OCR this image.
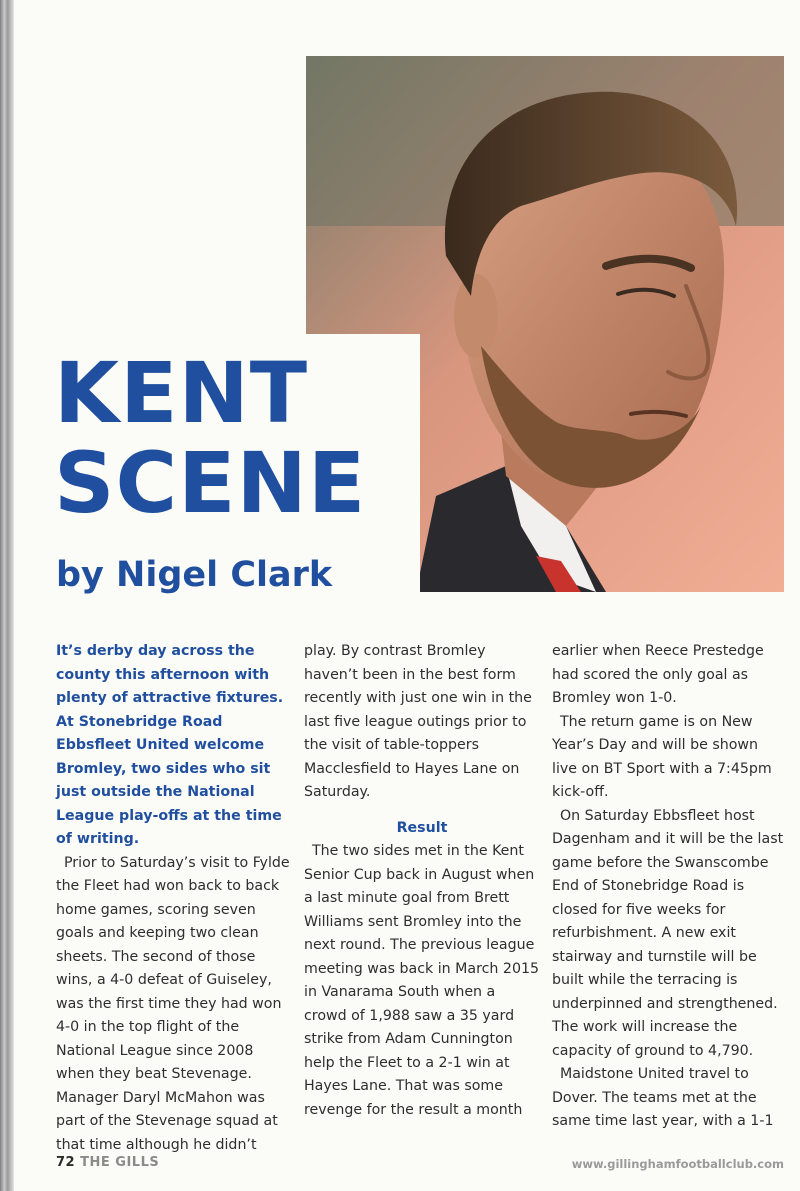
KENT
SCENE
by Nigel Clark

It’s derby day across the county this afternoon with plenty of attractive fixtures. At Stonebridge Road Ebbsfleet United welcome Bromley, two sides who sit just outside the National League play-offs at the time of writing.

Prior to Saturday’s visit to Fylde the Fleet had won back to back home games, scoring seven goals and keeping two clean sheets. The second of those wins, a 4-0 defeat of Guiseley, was the first time they had won 4-0 in the top flight of the National League since 2008 when they beat Stevenage. Manager Daryl McMahon was part of the Stevenage squad at that time although he didn’t

play. By contrast Bromley haven’t been in the best form recently with just one win in the last five league outings prior to the visit of table-toppers Macclesfield to Hayes Lane on Saturday.

Result

The two sides met in the Kent Senior Cup back in August when a last minute goal from Brett Williams sent Bromley into the next round. The previous league meeting was back in March 2015 in Vanarama South when a crowd of 1,988 saw a 35 yard strike from Adam Cunnington help the Fleet to a 2-1 win at Hayes Lane. That was some revenge for the result a month

earlier when Reece Prestedge had scored the only goal as Bromley won 1-0.

The return game is on New Year’s Day and will be shown live on BT Sport with a 7:45pm kick-off.

On Saturday Ebbsfleet host Dagenham and it will be the last game before the Swanscombe End of Stonebridge Road is closed for five weeks for refurbishment. A new exit stairway and turnstile will be built while the terracing is underpinned and strengthened. The work will increase the capacity of ground to 4,790.

Maidstone United travel to Dover. The teams met at the same time last year, with a 1-1

72 THE GILLS	www.gillinghamfootballclub.com
